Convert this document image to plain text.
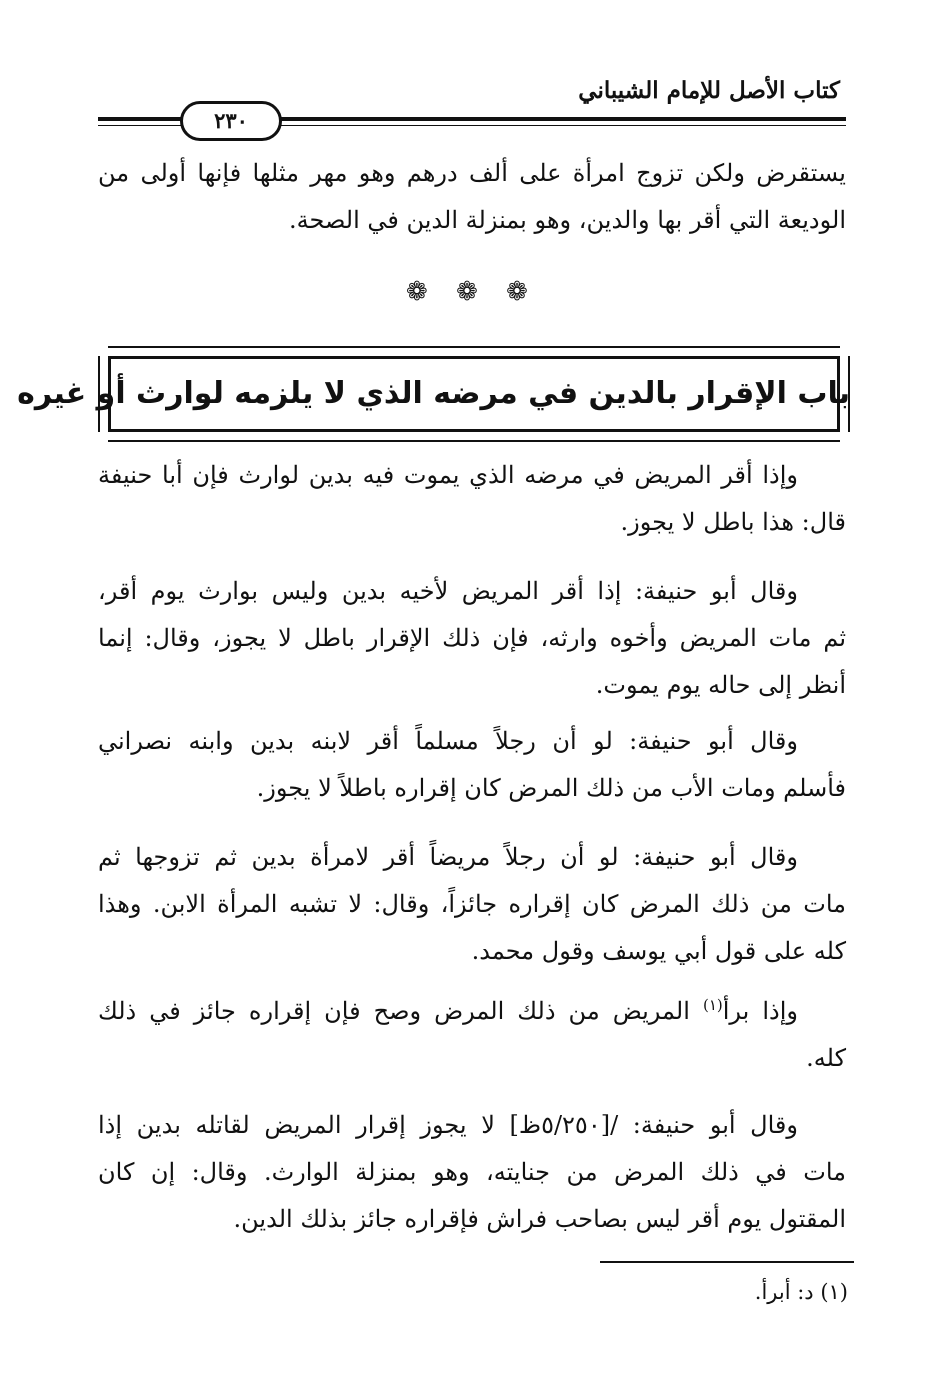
كتاب الأصل للإمام الشيباني
٢٣٠
يستقرض ولكن تزوج امرأة على ألف درهم وهو مهر مثلها فإنها أولى من
الوديعة التي أقر بها والدين، وهو بمنزلة الدين في الصحة.
❁ ❁ ❁
باب الإقرار بالدين في مرضه الذي لا يلزمه لوارث أو غيره
وإذا أقر المريض في مرضه الذي يموت فيه بدين لوارث فإن أبا حنيفة
قال: هذا باطل لا يجوز.
وقال أبو حنيفة: إذا أقر المريض لأخيه بدين وليس بوارث يوم أقر،
ثم مات المريض وأخوه وارثه، فإن ذلك الإقرار باطل لا يجوز، وقال: إنما
أنظر إلى حاله يوم يموت.
وقال أبو حنيفة: لو أن رجلاً مسلماً أقر لابنه بدين وابنه نصراني
فأسلم ومات الأب من ذلك المرض كان إقراره باطلاً لا يجوز.
وقال أبو حنيفة: لو أن رجلاً مريضاً أقر لامرأة بدين ثم تزوجها ثم
مات من ذلك المرض كان إقراره جائزاً، وقال: لا تشبه المرأة الابن. وهذا
كله على قول أبي يوسف وقول محمد.
وإذا برأ$^{(١)}$ المريض من ذلك المرض وصح فإن إقراره جائز في ذلك
كله.
وقال أبو حنيفة: /[٥/٢٥٠ظ] لا يجوز إقرار المريض لقاتله بدين إذا
مات في ذلك المرض من جنايته، وهو بمنزلة الوارث. وقال: إن كان
المقتول يوم أقر ليس بصاحب فراش فإقراره جائز بذلك الدين.
(١) د: أبرأ.
